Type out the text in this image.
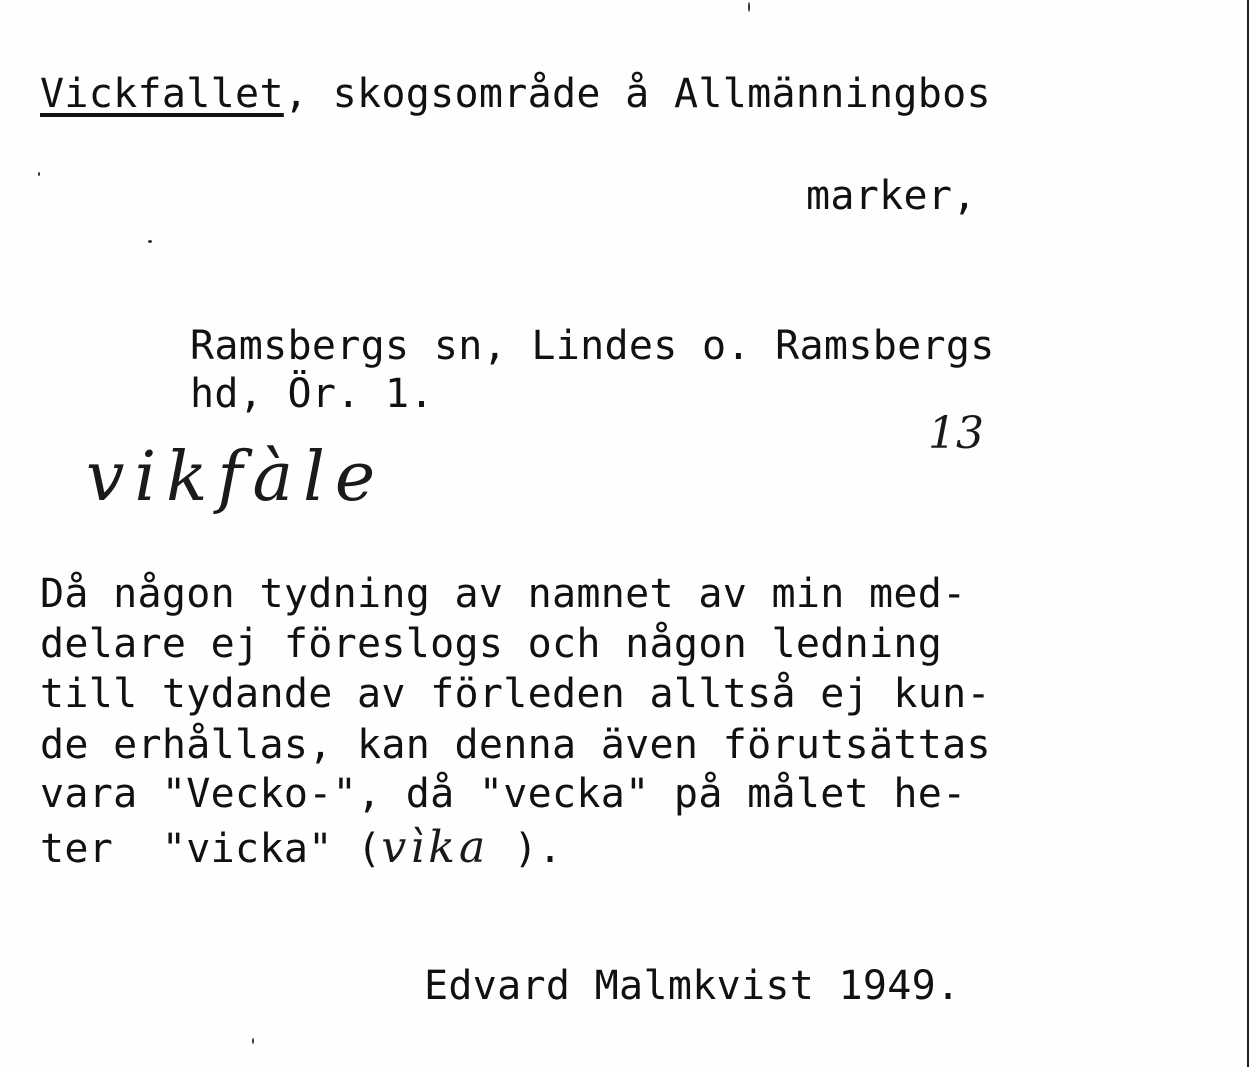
Vickfallet, skogsområde å Allmänningbos
marker,
Ramsbergs sn, Lindes o. Ramsbergs
hd, Ör. 1.
13
vikfàle
Då någon tydning av namnet av min med-
delare ej föreslogs och någon ledning
till tydande av förleden alltså ej kun-
de erhållas, kan denna även förutsättas
vara "Vecko-", då "vecka" på målet he-
ter  "vicka" (vìka ).
Edvard Malmkvist 1949.
